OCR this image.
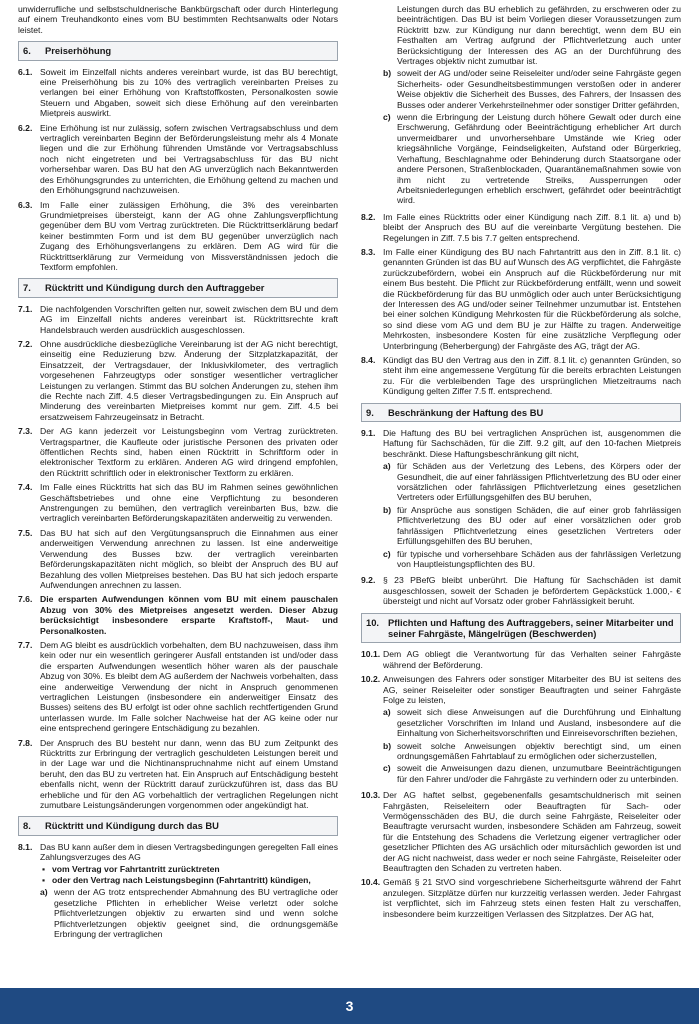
unwiderrufliche und selbstschuldnerische Bankbürgschaft oder durch Hinterlegung auf einem Treuhandkonto eines vom BU bestimmten Rechtsanwalts oder Notars leistet.

6.	Preiserhöhung
6.1. Soweit im Einzelfall nichts anderes vereinbart wurde, ist das BU berechtigt, eine Preiserhöhung bis zu 10% des vertraglich vereinbarten Preises zu verlangen bei einer Erhöhung von Kraftstoffkosten, Personalkosten sowie Steuern und Abgaben, soweit sich diese Erhöhung auf den vereinbarten Mietpreis auswirkt.
6.2. Eine Erhöhung ist nur zulässig, sofern zwischen Vertragsabschluss und dem vertraglich vereinbarten Beginn der Beförderungsleistung mehr als 4 Monate liegen und die zur Erhöhung führenden Umstände vor Vertragsabschluss noch nicht eingetreten und bei Vertragsabschluss für das BU nicht vorhersehbar waren. Das BU hat den AG unverzüglich nach Bekanntwerden des Erhöhungsgrundes zu unterrichten, die Erhöhung geltend zu machen und den Erhöhungsgrund nachzuweisen.
6.3. Im Falle einer zulässigen Erhöhung, die 3% des vereinbarten Grundmietpreises übersteigt, kann der AG ohne Zahlungsverpflichtung gegenüber dem BU vom Vertrag zurücktreten. Die Rücktrittserklärung bedarf keiner bestimmten Form und ist dem BU gegenüber unverzüglich nach Zugang des Erhöhungsverlangens zu erklären. Dem AG wird für die Rücktrittserklärung zur Vermeidung von Missverständnissen jedoch die Textform empfohlen.
7.	Rücktritt und Kündigung durch den Auftraggeber
7.1. Die nachfolgenden Vorschriften gelten nur, soweit zwischen dem BU und dem AG im Einzelfall nichts anderes vereinbart ist. Rücktrittsrechte kraft Handelsbrauch werden ausdrücklich ausgeschlossen.
7.2. Ohne ausdrückliche diesbezügliche Vereinbarung ist der AG nicht berechtigt, einseitig eine Reduzierung bzw. Änderung der Sitzplatzkapazität, der Einsatzzeit, der Vertragsdauer, der Inklusivkilometer, des vertraglich vorgesehenen Fahrzeugtyps oder sonstiger wesentlicher vertraglicher Leistungen zu verlangen. Stimmt das BU solchen Änderungen zu, stehen ihm die Rechte nach Ziff. 4.5 dieser Vertragsbedingungen zu. Ein Anspruch auf Minderung des vereinbarten Mietpreises kommt nur gem. Ziff. 4.5 bei ersatzweisem Fahrzeugeinsatz in Betracht.
7.3. Der AG kann jederzeit vor Leistungsbeginn vom Vertrag zurücktreten. Vertragspartner, die Kaufleute oder juristische Personen des privaten oder öffentlichen Rechts sind, haben einen Rücktritt in Schriftform oder in elektronischer Textform zu erklären. Anderen AG wird dringend empfohlen, den Rücktritt schriftlich oder in elektronischer Textform zu erklären.
7.4. Im Falle eines Rücktritts hat sich das BU im Rahmen seines gewöhnlichen Geschäftsbetriebes und ohne eine Verpflichtung zu besonderen Anstrengungen zu bemühen, den vertraglich vereinbarten Bus, bzw. die vertraglich vereinbarten Beförderungskapazitäten anderweitig zu verwenden.
7.5. Das BU hat sich auf den Vergütungsanspruch die Einnahmen aus einer anderweitigen Verwendung anrechnen zu lassen. Ist eine anderweitige Verwendung des Busses bzw. der vertraglich vereinbarten Beförderungskapazitäten nicht möglich, so bleibt der Anspruch des BU auf Bezahlung des vollen Mietpreises bestehen. Das BU hat sich jedoch ersparte Aufwendungen anrechnen zu lassen.
7.6. Die ersparten Aufwendungen können vom BU mit einem pauschalen Abzug von 30% des Mietpreises angesetzt werden. Dieser Abzug berücksichtigt insbesondere ersparte Kraftstoff-, Maut- und Personalkosten.
7.7. Dem AG bleibt es ausdrücklich vorbehalten, dem BU nachzuweisen, dass ihm kein oder nur ein wesentlich geringerer Ausfall entstanden ist und/oder dass die ersparten Aufwendungen wesentlich höher waren als der pauschale Abzug von 30%. Es bleibt dem AG außerdem der Nachweis vorbehalten, dass eine anderweitige Verwendung der nicht in Anspruch genommenen vertraglichen Leistungen (insbesondere ein anderweitiger Einsatz des Busses) seitens des BU erfolgt ist oder ohne sachlich rechtfertigenden Grund unterlassen wurde. Im Falle solcher Nachweise hat der AG keine oder nur eine entsprechend geringere Entschädigung zu bezahlen.
7.8. Der Anspruch des BU besteht nur dann, wenn das BU zum Zeitpunkt des Rücktritts zur Erbringung der vertraglich geschuldeten Leistungen bereit und in der Lage war und die Nichtinanspruchnahme nicht auf einem Umstand beruht, den das BU zu vertreten hat. Ein Anspruch auf Entschädigung besteht ebenfalls nicht, wenn der Rücktritt darauf zurückzuführen ist, dass das BU erhebliche und für den AG vorbehaltlich der vertraglichen Regelungen nicht zumutbare Leistungsänderungen vorgenommen oder angekündigt hat.
8.	Rücktritt und Kündigung durch das BU
8.1. Das BU kann außer dem in diesen Vertragsbedingungen geregelten Fall eines Zahlungsverzuges des AG
▪ vom Vertrag vor Fahrtantritt zurücktreten
▪ oder den Vertrag nach Leistungsbeginn (Fahrtantritt) kündigen,
a) wenn der AG trotz entsprechender Abmahnung des BU vertragliche oder gesetzliche Pflichten in erheblicher Weise verletzt oder solche Pflichtverletzungen objektiv zu erwarten sind und wenn solche Pflichtverletzungen objektiv geeignet sind, die ordnungsgemäße Erbringung der vertraglichen
Leistungen durch das BU erheblich zu gefährden, zu erschweren oder zu beeinträchtigen. Das BU ist beim Vorliegen dieser Voraussetzungen zum Rücktritt bzw. zur Kündigung nur dann berechtigt, wenn dem BU ein Festhalten am Vertrag aufgrund der Pflichtverletzung auch unter Berücksichtigung der Interessen des AG an der Durchführung des Vertrages objektiv nicht zumutbar ist.
b) soweit der AG und/oder seine Reiseleiter und/oder seine Fahrgäste gegen Sicherheits- oder Gesundheitsbestimmungen verstoßen oder in anderer Weise objektiv die Sicherheit des Busses, des Fahrers, der Insassen des Busses oder anderer Verkehrsteilnehmer oder sonstiger Dritter gefährden,
c) wenn die Erbringung der Leistung durch höhere Gewalt oder durch eine Erschwerung, Gefährdung oder Beeinträchtigung erheblicher Art durch unvermeidbarer und unvorhersehbare Umstände wie Krieg oder kriegsähnliche Vorgänge, Feindseligkeiten, Aufstand oder Bürgerkrieg, Verhaftung, Beschlagnahme oder Behinderung durch Staatsorgane oder andere Personen, Straßenblockaden, Quarantänemaßnahmen sowie von ihm nicht zu vertretende Streiks, Aussperrungen oder Arbeitsniederlegungen erheblich erschwert, gefährdet oder beeinträchtigt wird.
8.2. Im Falle eines Rücktritts oder einer Kündigung nach Ziff. 8.1 lit. a) und b) bleibt der Anspruch des BU auf die vereinbarte Vergütung bestehen. Die Regelungen in Ziff. 7.5 bis 7.7 gelten entsprechend.
8.3. Im Falle einer Kündigung des BU nach Fahrtantritt aus den in Ziff. 8.1 lit. c) genannten Gründen ist das BU auf Wunsch des AG verpflichtet, die Fahrgäste zurückzubefördern, wobei ein Anspruch auf die Rückbeförderung nur mit einem Bus besteht. Die Pflicht zur Rückbeförderung entfällt, wenn und soweit die Rückbeförderung für das BU unmöglich oder auch unter Berücksichtigung der Interessen des AG und/oder seiner Teilnehmer unzumutbar ist. Entstehen bei einer solchen Kündigung Mehrkosten für die Rückbeförderung als solche, so sind diese vom AG und dem BU je zur Hälfte zu tragen. Anderweitige Mehrkosten, insbesondere Kosten für eine zusätzliche Verpflegung oder Unterbringung (Beherbergung) der Fahrgäste des AG, trägt der AG.
8.4. Kündigt das BU den Vertrag aus den in Ziff. 8.1 lit. c) genannten Gründen, so steht ihm eine angemessene Vergütung für die bereits erbrachten Leistungen zu. Für die verbleibenden Tage des ursprünglichen Mietzeitraums nach Kündigung gelten Ziffer 7.5 ff. entsprechend.
9.	Beschränkung der Haftung des BU
9.1. Die Haftung des BU bei vertraglichen Ansprüchen ist, ausgenommen die Haftung für Sachschäden, für die Ziff. 9.2 gilt, auf den 10-fachen Mietpreis beschränkt. Diese Haftungsbeschränkung gilt nicht,
a) für Schäden aus der Verletzung des Lebens, des Körpers oder der Gesundheit, die auf einer fahrlässigen Pflichtverletzung des BU oder einer vorsätzlichen oder fahrlässigen Pflichtverletzung eines gesetzlichen Vertreters oder Erfüllungsgehilfen des BU beruhen,
b) für Ansprüche aus sonstigen Schäden, die auf einer grob fahrlässigen Pflichtverletzung des BU oder auf einer vorsätzlichen oder grob fahrlässigen Pflichtverletzung eines gesetzlichen Vertreters oder Erfüllungsgehilfen des BU beruhen,
c) für typische und vorhersehbare Schäden aus der fahrlässigen Verletzung von Hauptleistungspflichten des BU.
9.2. § 23 PBefG bleibt unberührt. Die Haftung für Sachschäden ist damit ausgeschlossen, soweit der Schaden je befördertem Gepäckstück 1.000,- € übersteigt und nicht auf Vorsatz oder grober Fahrlässigkeit beruht.
10. Pflichten und Haftung des Auftraggebers, seiner Mitarbeiter und seiner Fahrgäste, Mängelrügen (Beschwerden)
10.1. Dem AG obliegt die Verantwortung für das Verhalten seiner Fahrgäste während der Beförderung.
10.2. Anweisungen des Fahrers oder sonstiger Mitarbeiter des BU ist seitens des AG, seiner Reiseleiter oder sonstiger Beauftragten und seiner Fahrgäste Folge zu leisten,
a) soweit sich diese Anweisungen auf die Durchführung und Einhaltung gesetzlicher Vorschriften im Inland und Ausland, insbesondere auf die Einhaltung von Sicherheitsvorschriften und Einreisevorschriften beziehen,
b) soweit solche Anweisungen objektiv berechtigt sind, um einen ordnungsgemäßen Fahrtablauf zu ermöglichen oder sicherzustellen,
c) soweit die Anweisungen dazu dienen, unzumutbare Beeinträchtigungen für den Fahrer und/oder die Fahrgäste zu verhindern oder zu unterbinden.
10.3. Der AG haftet selbst, gegebenenfalls gesamtschuldnerisch mit seinen Fahrgästen, Reiseleitern oder Beauftragten für Sach- oder Vermögensschäden des BU, die durch seine Fahrgäste, Reiseleiter oder Beauftragte verursacht wurden, insbesondere Schäden am Fahrzeug, soweit für die Entstehung des Schadens die Verletzung eigener vertraglicher oder gesetzlicher Pflichten des AG ursächlich oder mitursächlich geworden ist und der AG nicht nachweist, dass weder er noch seine Fahrgäste, Reiseleiter oder Beauftragten den Schaden zu vertreten haben.
10.4. Gemäß § 21 StVO sind vorgeschriebene Sicherheitsgurte während der Fahrt anzulegen. Sitzplätze dürfen nur kurzzeitig verlassen werden. Jeder Fahrgast ist verpflichtet, sich im Fahrzeug stets einen festen Halt zu verschaffen, insbesondere beim kurzzeitigen Verlassen des Sitzplatzes. Der AG hat,
3
